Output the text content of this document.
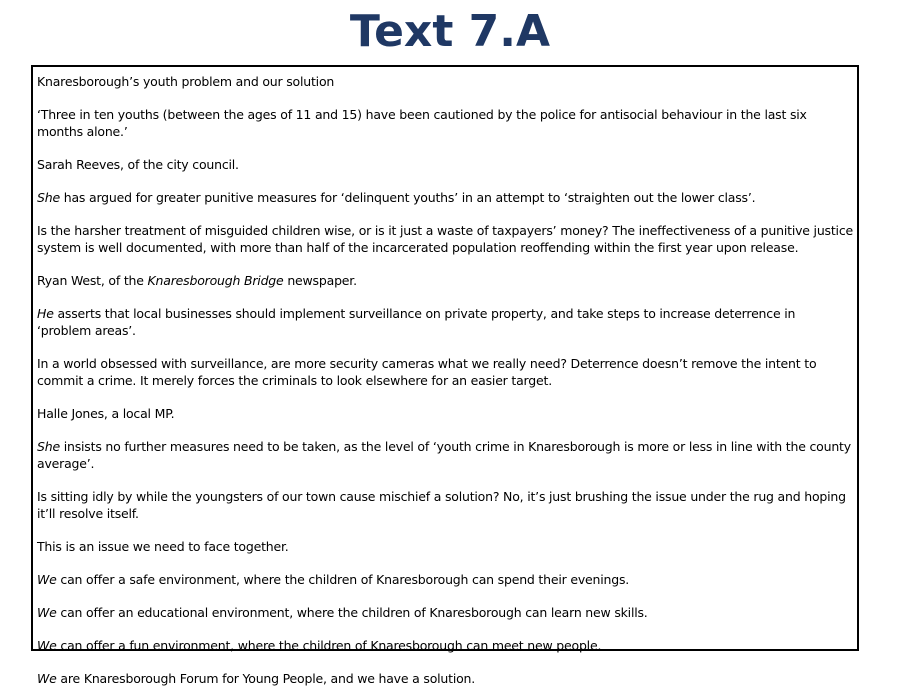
Text 7.A

Knaresborough’s youth problem and our solution

‘Three in ten youths (between the ages of 11 and 15) have been cautioned by the police for antisocial behaviour in the last six months alone.’

Sarah Reeves, of the city council.

She has argued for greater punitive measures for ‘delinquent youths’ in an attempt to ‘straighten out the lower class’.

Is the harsher treatment of misguided children wise, or is it just a waste of taxpayers’ money? The ineffectiveness of a punitive justice system is well documented, with more than half of the incarcerated population reoffending within the first year upon release.

Ryan West, of the Knaresborough Bridge newspaper.

He asserts that local businesses should implement surveillance on private property, and take steps to increase deterrence in ‘problem areas’.

In a world obsessed with surveillance, are more security cameras what we really need? Deterrence doesn’t remove the intent to commit a crime. It merely forces the criminals to look elsewhere for an easier target.

Halle Jones, a local MP.

She insists no further measures need to be taken, as the level of ‘youth crime in Knaresborough is more or less in line with the county average’.

Is sitting idly by while the youngsters of our town cause mischief a solution? No, it’s just brushing the issue under the rug and hoping it’ll resolve itself.

This is an issue we need to face together.

We can offer a safe environment, where the children of Knaresborough can spend their evenings.

We can offer an educational environment, where the children of Knaresborough can learn new skills.

We can offer a fun environment, where the children of Knaresborough can meet new people.

We are Knaresborough Forum for Young People, and we have a solution.
